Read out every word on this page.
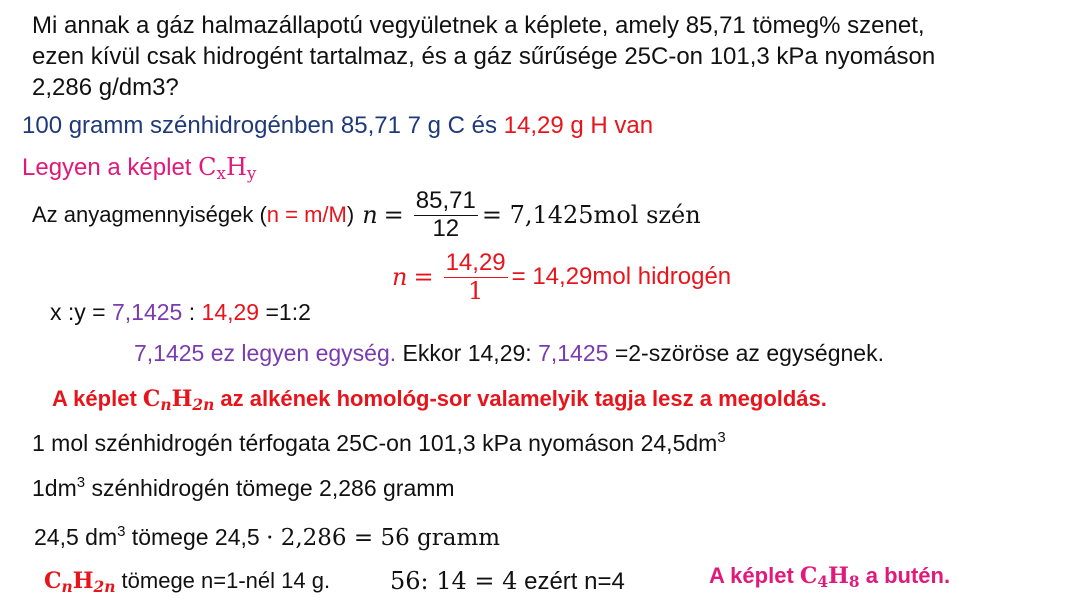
Mi annak a gáz halmazállapotú vegyületnek a képlete, amely 85,71 tömeg% szenet,
ezen kívül csak hidrogént tartalmaz, és a gáz sűrűsége 25C-on 101,3 kPa nyomáson
2,286 g/dm3?
100 gramm szénhidrogénben 85,71 7 g C és 14,29 g H van
Legyen a képlet $C_xH_y$
Az anyagmennyiségek ( n = m/M ) $n = \frac{85,71}{12} = 7,1425mol$ szén
$n = \frac{14,29}{1} = 14,29mol$ hidrogén
x :y = 7,1425 : 14,29 =1:2
7,1425 ez legyen egység. Ekkor 14,29: 7,1425 =2-szöröse az egységnek.
A képlet $C_nH_{2n}$ az alkének homológ-sor valamelyik tagja lesz a megoldás.
1 mol szénhidrogén térfogata 25C-on 101,3 kPa nyomáson $24,5dm^3$
$1dm^3$ szénhidrogén tömege 2,286 gramm
24,5 $dm^3$ tömege 24,5 · 2,286 = 56 gramm
$C_nH_{2n}$ tömege n=1-nél 14 g. 56: 14 = 4 ezért n=4	A képlet $C_4H_8$ a butén.
